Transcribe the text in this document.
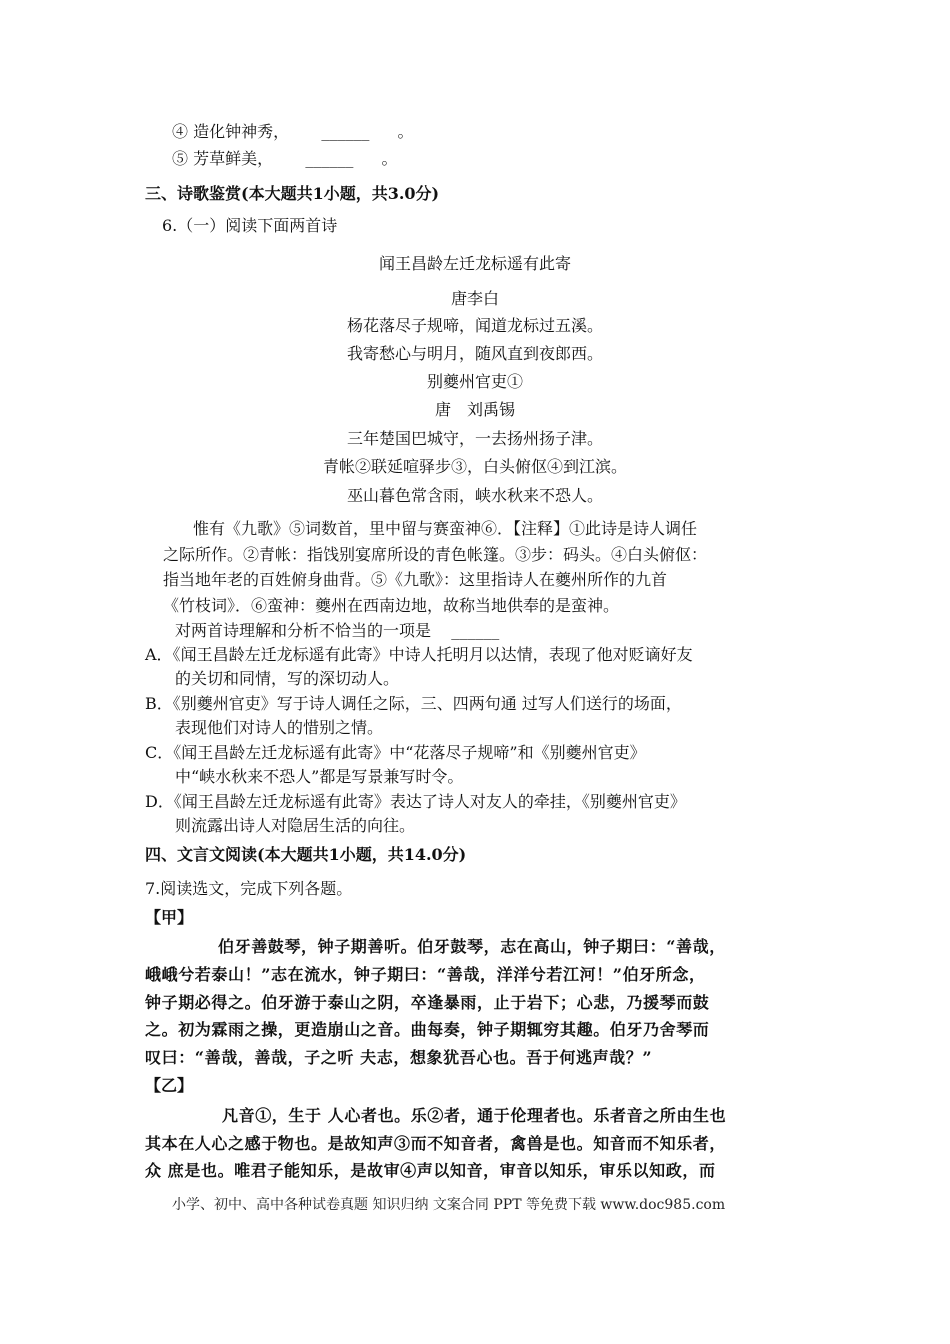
④ 造化钟神秀， ______ 。
⑤ 芳草鲜美， ______ 。
三、诗歌鉴赏(本大题共1小题，共3.0分)
6.（一）阅读下面两首诗
闻王昌龄左迁龙标遥有此寄
唐李白
杨花落尽子规啼，闻道龙标过五溪。
我寄愁心与明月，随风直到夜郎西。
别夔州官吏①
唐　刘禹锡
三年楚国巴城守，一去扬州扬子津。
青帐②联延喧驿步③，白头俯伛④到江滨。
巫山暮色常含雨，峡水秋来不恐人。
惟有《九歌》⑤词数首，里中留与赛蛮神⑥．【注释】①此诗是诗人调任
之际所作。②青帐：指饯别宴席所设的青色帐篷。③步：码头。④白头俯伛：
指当地年老的百姓俯身曲背。⑤《九歌》：这里指诗人在夔州所作的九首
《竹枝词》．⑥蛮神：夔州在西南边地，故称当地供奉的是蛮神。
对两首诗理解和分析不恰当的一项是 ______
A．《闻王昌龄左迁龙标遥有此寄》中诗人托明月以达情，表现了他对贬谪好友
的关切和同情，写的深切动人。
B．《别夔州官吏》写于诗人调任之际，三、四两句通 过写人们送行的场面，
表现他们对诗人的惜别之情。
C．《闻王昌龄左迁龙标遥有此寄》中“花落尽子规啼”和《别夔州官吏》
中“峡水秋来不恐人”都是写景兼写时令。
D．《闻王昌龄左迁龙标遥有此寄》表达了诗人对友人的牵挂，《别夔州官吏》
则流露出诗人对隐居生活的向往。
四、文言文阅读(本大题共1小题，共14.0分)
7.阅读选文，完成下列各题。
【甲】
伯牙善鼓琴，钟子期善听。伯牙鼓琴，志在高山，钟子期曰：“善哉，
峨峨兮若泰山！”志在流水，钟子期曰：“善哉，洋洋兮若江河！”伯牙所念，
钟子期必得之。伯牙游于泰山之阴，卒逢暴雨，止于岩下；心悲，乃援琴而鼓
之。初为霖雨之操，更造崩山之音。曲每奏，钟子期辄穷其趣。伯牙乃舍琴而
叹曰：“善哉，善哉，子之听 夫志，想象犹吾心也。吾于何逃声哉？”
【乙】
凡音①，生于 人心者也。乐②者，通于伦理者也。乐者音之所由生也
其本在人心之感于物也。是故知声③而不知音者，禽兽是也。知音而不知乐者，
众 庶是也。唯君子能知乐，是故审④声以知音，审音以知乐，审乐以知政，而
小学、初中、高中各种试卷真题 知识归纳 文案合同 PPT 等免费下载 www.doc985.com
